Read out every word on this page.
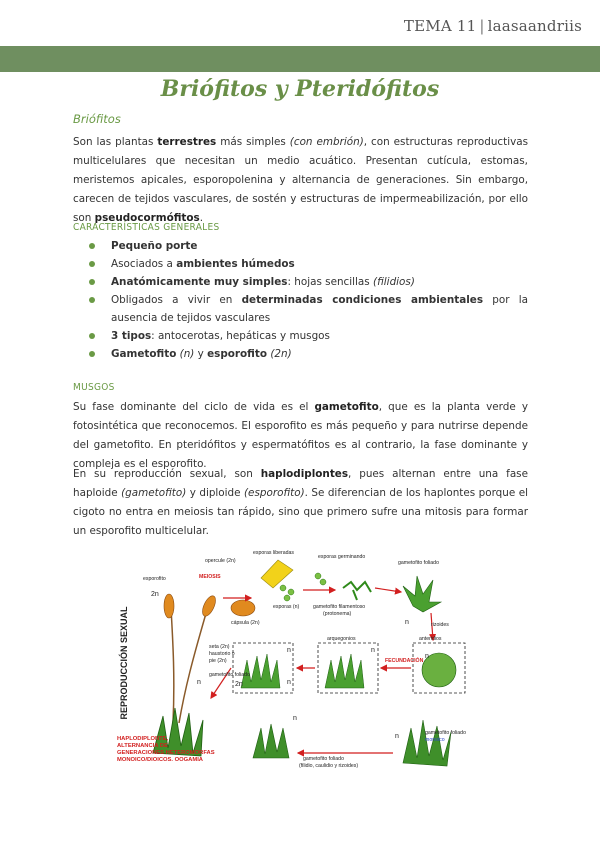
TEMA 11 | laasaandriis
Briófitos y Pteridófitos
Briófitos
Son las plantas terrestres más simples (con embrión), con estructuras reproductivas multicelulares que necesitan un medio acuático. Presentan cutícula, estomas, meristemos apicales, esporopolenina y alternancia de generaciones. Sin embargo, carecen de tejidos vasculares, de sostén y estructuras de impermeabilización, por ello son pseudocormófitos.
CARACTERÍSTICAS GENERALES
Pequeño porte
Asociados a ambientes húmedos
Anatómicamente muy simples: hojas sencillas (filidios)
Obligados a vivir en determinadas condiciones ambientales por la ausencia de tejidos vasculares
3 tipos: antocerotas, hepáticas y musgos
Gametofito (n) y esporofito (2n)
MUSGOS
Su fase dominante del ciclo de vida es el gametofito, que es la planta verde y fotosintética que reconocemos. El esporofito es más pequeño y para nutrirse depende del gametofito. En pteridófitos y espermatófitos es al contrario, la fase dominante y compleja es el esporofito.
En su reproducción sexual, son haplodiplontes, pues alternan entre una fase haploide (gametofito) y diploide (esporofito). Se diferencian de los haplontes porque el cigoto no entra en meiosis tan rápido, sino que primero sufre una mitosis para formar un esporofito multicelular.
REPRODUCCIÓN SEXUAL
opercule (2n)
esporas liberadas
esporas germinando
gametofito foliado
esporofito	MEIOSIS
2n
esporas (n)	gametofito filamentoso
(protonema)
cápsula (2n)	rizoides
n
seta (2n)
haustorio o
pie (2n)
arquegonios	anteridios
FECUNDACIÓN
gametofito foliado
n	2n
n
n
n
n
n
n	gametofito foliado
monoico
gametofito foliado
(filidio, caulidio y rizoides)
HAPLODIPLONTE,
ALTERNANCIA DE
GENERACIONES HETEROMORFAS
MONOICO/DIOICOS. OOGAMIA
